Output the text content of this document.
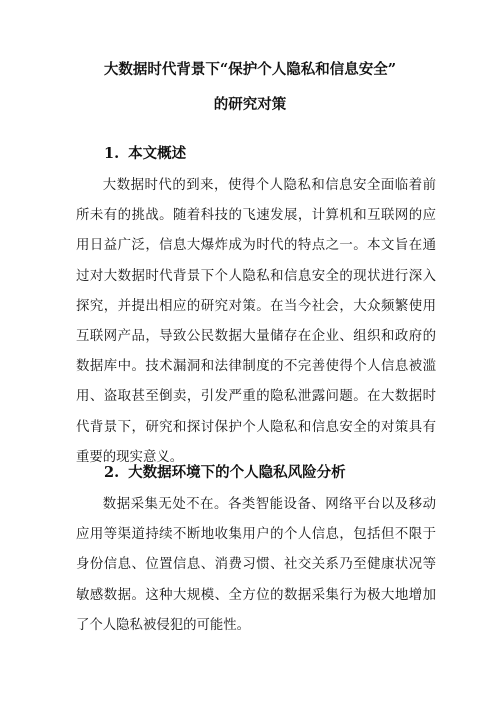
大数据时代背景下“保护个人隐私和信息安全”
的研究对策
1. 本文概述

大数据时代的到来，使得个人隐私和信息安全面临着前所未有的挑战。随着科技的飞速发展，计算机和互联网的应用日益广泛，信息大爆炸成为时代的特点之一。本文旨在通过对大数据时代背景下个人隐私和信息安全的现状进行深入探究，并提出相应的研究对策。在当今社会，大众频繁使用互联网产品，导致公民数据大量储存在企业、组织和政府的数据库中。技术漏洞和法律制度的不完善使得个人信息被滥用、盗取甚至倒卖，引发严重的隐私泄露问题。在大数据时代背景下，研究和探讨保护个人隐私和信息安全的对策具有重要的现实意义。

2. 大数据环境下的个人隐私风险分析

数据采集无处不在。各类智能设备、网络平台以及移动应用等渠道持续不断地收集用户的个人信息，包括但不限于身份信息、位置信息、消费习惯、社交关系乃至健康状况等敏感数据。这种大规模、全方位的数据采集行为极大地增加了个人隐私被侵犯的可能性。
